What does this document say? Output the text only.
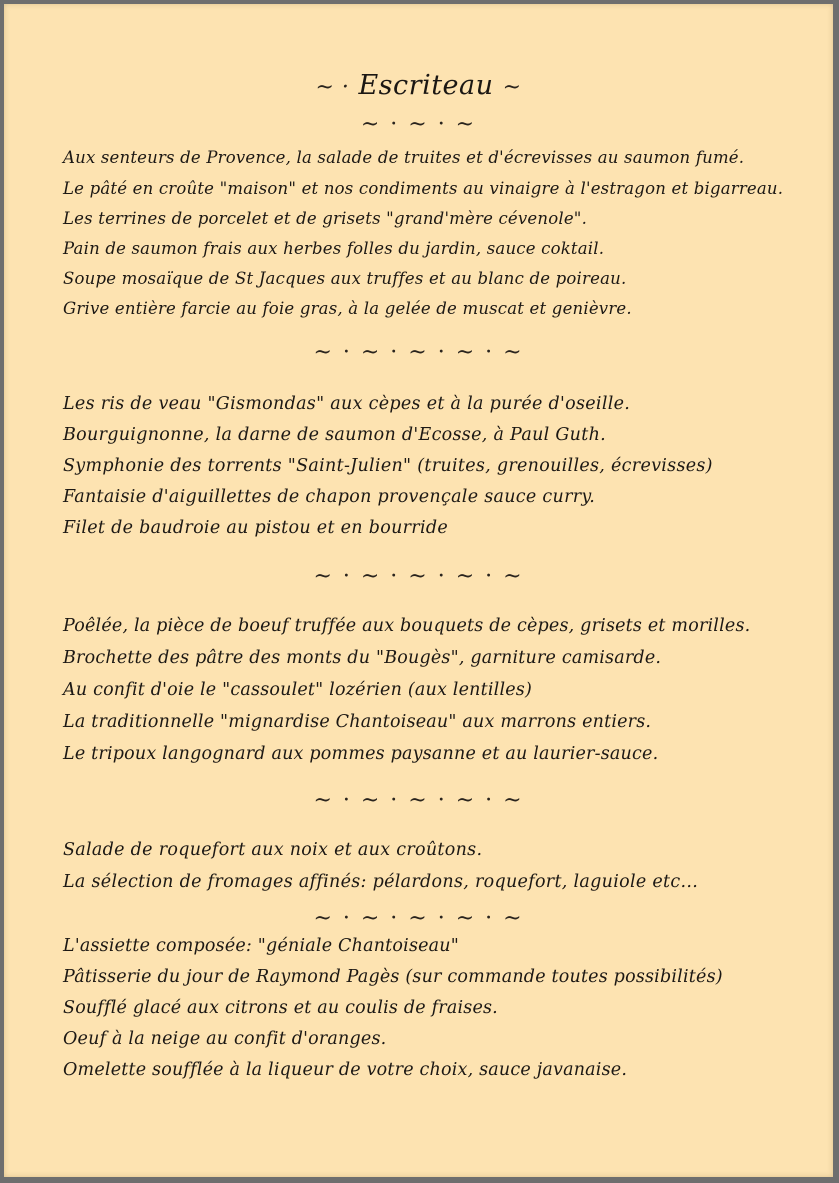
~ · Escriteau ~
~ · ~ · ~
Aux senteurs de Provence, la salade de truites et d'écrevisses au saumon fumé.
Le pâté en croûte "maison" et nos condiments au vinaigre à l'estragon et bigarreau.
Les terrines de porcelet et de grisets "grand'mère cévenole".
Pain de saumon frais aux herbes folles du jardin, sauce coktail.
Soupe mosaïque de St Jacques aux truffes et au blanc de poireau.
Grive entière farcie au foie gras, à la gelée de muscat et genièvre.
~ · ~ · ~ · ~ · ~
Les ris de veau "Gismondas" aux cèpes et à la purée d'oseille.
Bourguignonne, la darne de saumon d'Ecosse, à Paul Guth.
Symphonie des torrents "Saint-Julien" (truites, grenouilles, écrevisses)
Fantaisie d'aiguillettes de chapon provençale sauce curry.
Filet de baudroie au pistou et en bourride
~ · ~ · ~ · ~ · ~
Poêlée, la pièce de boeuf truffée aux bouquets de cèpes, grisets et morilles.
Brochette des pâtre des monts du "Bougès", garniture camisarde.
Au confit d'oie le "cassoulet" lozérien (aux lentilles)
La traditionnelle "mignardise Chantoiseau" aux marrons entiers.
Le tripoux langognard aux pommes paysanne et au laurier-sauce.
~ · ~ · ~ · ~ · ~
Salade de roquefort aux noix et aux croûtons.
La sélection de fromages affinés: pélardons, roquefort, laguiole etc...
~ · ~ · ~ · ~ · ~
L'assiette composée: "géniale Chantoiseau"
Pâtisserie du jour de Raymond Pagès (sur commande toutes possibilités)
Soufflé glacé aux citrons et au coulis de fraises.
Oeuf à la neige au confit d'oranges.
Omelette soufflée à la liqueur de votre choix, sauce javanaise.
